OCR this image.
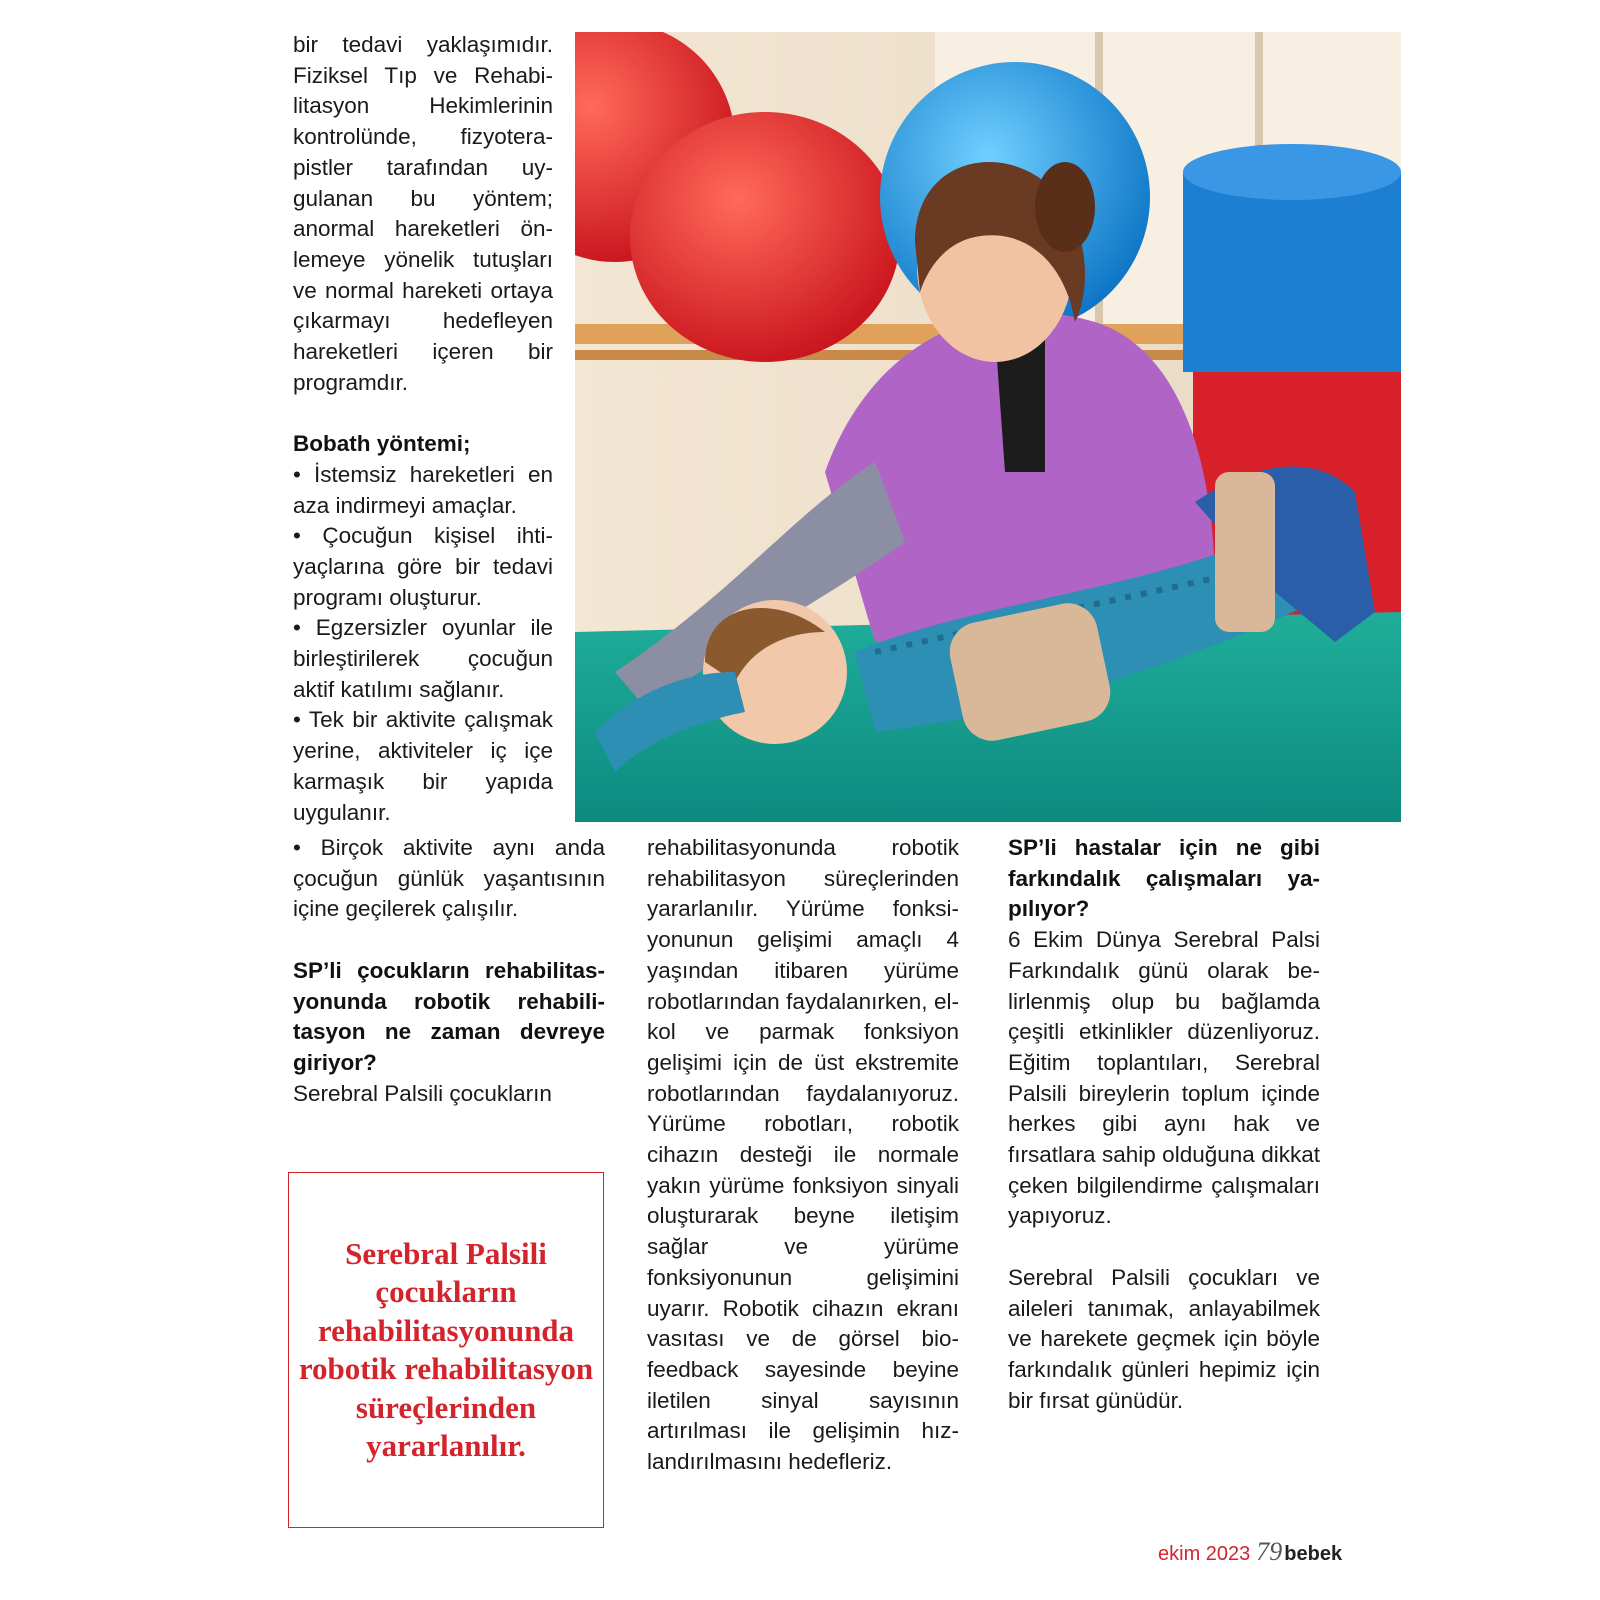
bir tedavi yaklaşımıdır. Fiziksel Tıp ve Rehabilitasyon Hekimlerinin kontrolünde, fizyoterapistler tarafından uygulanan bu yöntem; anormal hareketleri önlemeye yönelik tutuşları ve normal hareketi ortaya çıkarmayı hedefleyen hareketleri içeren bir programdır.

Bobath yöntemi;

• İstemsiz hareketleri en aza indirmeyi amaçlar.

• Çocuğun kişisel ihtiyaçlarına göre bir tedavi programı oluşturur.

• Egzersizler oyunlar ile birleştirilerek çocuğun aktif katılımı sağlanır.

• Tek bir aktivite çalışmak yerine, aktiviteler iç içe karmaşık bir yapıda uygulanır.

• Birçok aktivite aynı anda çocuğun günlük yaşantısının içine geçilerek çalışılır.

SP’li çocukların rehabilitasyonunda robotik rehabilitasyon ne zaman devreye giriyor?

Serebral Palsili çocukların

rehabilitasyonunda robotik rehabilitasyon süreçlerinden yararlanılır. Yürüme fonksiyonunun gelişimi amaçlı 4 yaşından itibaren yürüme robotlarından faydalanırken, el-kol ve parmak fonksiyon gelişimi için de üst ekstremite robotlarından faydalanıyoruz. Yürüme robotları, robotik cihazın desteği ile normale yakın yürüme fonksiyon sinyali oluşturarak beyne iletişim sağlar ve yürüme fonksiyonunun gelişimini uyarır. Robotik cihazın ekranı vasıtası ve de görsel bio-feedback sayesinde beyine iletilen sinyal sayısının artırılması ile gelişimin hızlandırılmasını hedefleriz.

SP’li hastalar için ne gibi farkındalık çalışmaları yapılıyor?

6 Ekim Dünya Serebral Palsi Farkındalık günü olarak belirlenmiş olup bu bağlamda çeşitli etkinlikler düzenliyoruz. Eğitim toplantıları, Serebral Palsili bireylerin toplum içinde herkes gibi aynı hak ve fırsatlara sahip olduğuna dikkat çeken bilgilendirme çalışmaları yapıyoruz.

Serebral Palsili çocukları ve aileleri tanımak, anlayabilmek ve harekete geçmek için böyle farkındalık günleri hepimiz için bir fırsat günüdür.

Serebral Palsili çocukların rehabilitasyonunda robotik rehabilitasyon süreçlerinden yararlanılır.
ekim 2023 79 bebek
